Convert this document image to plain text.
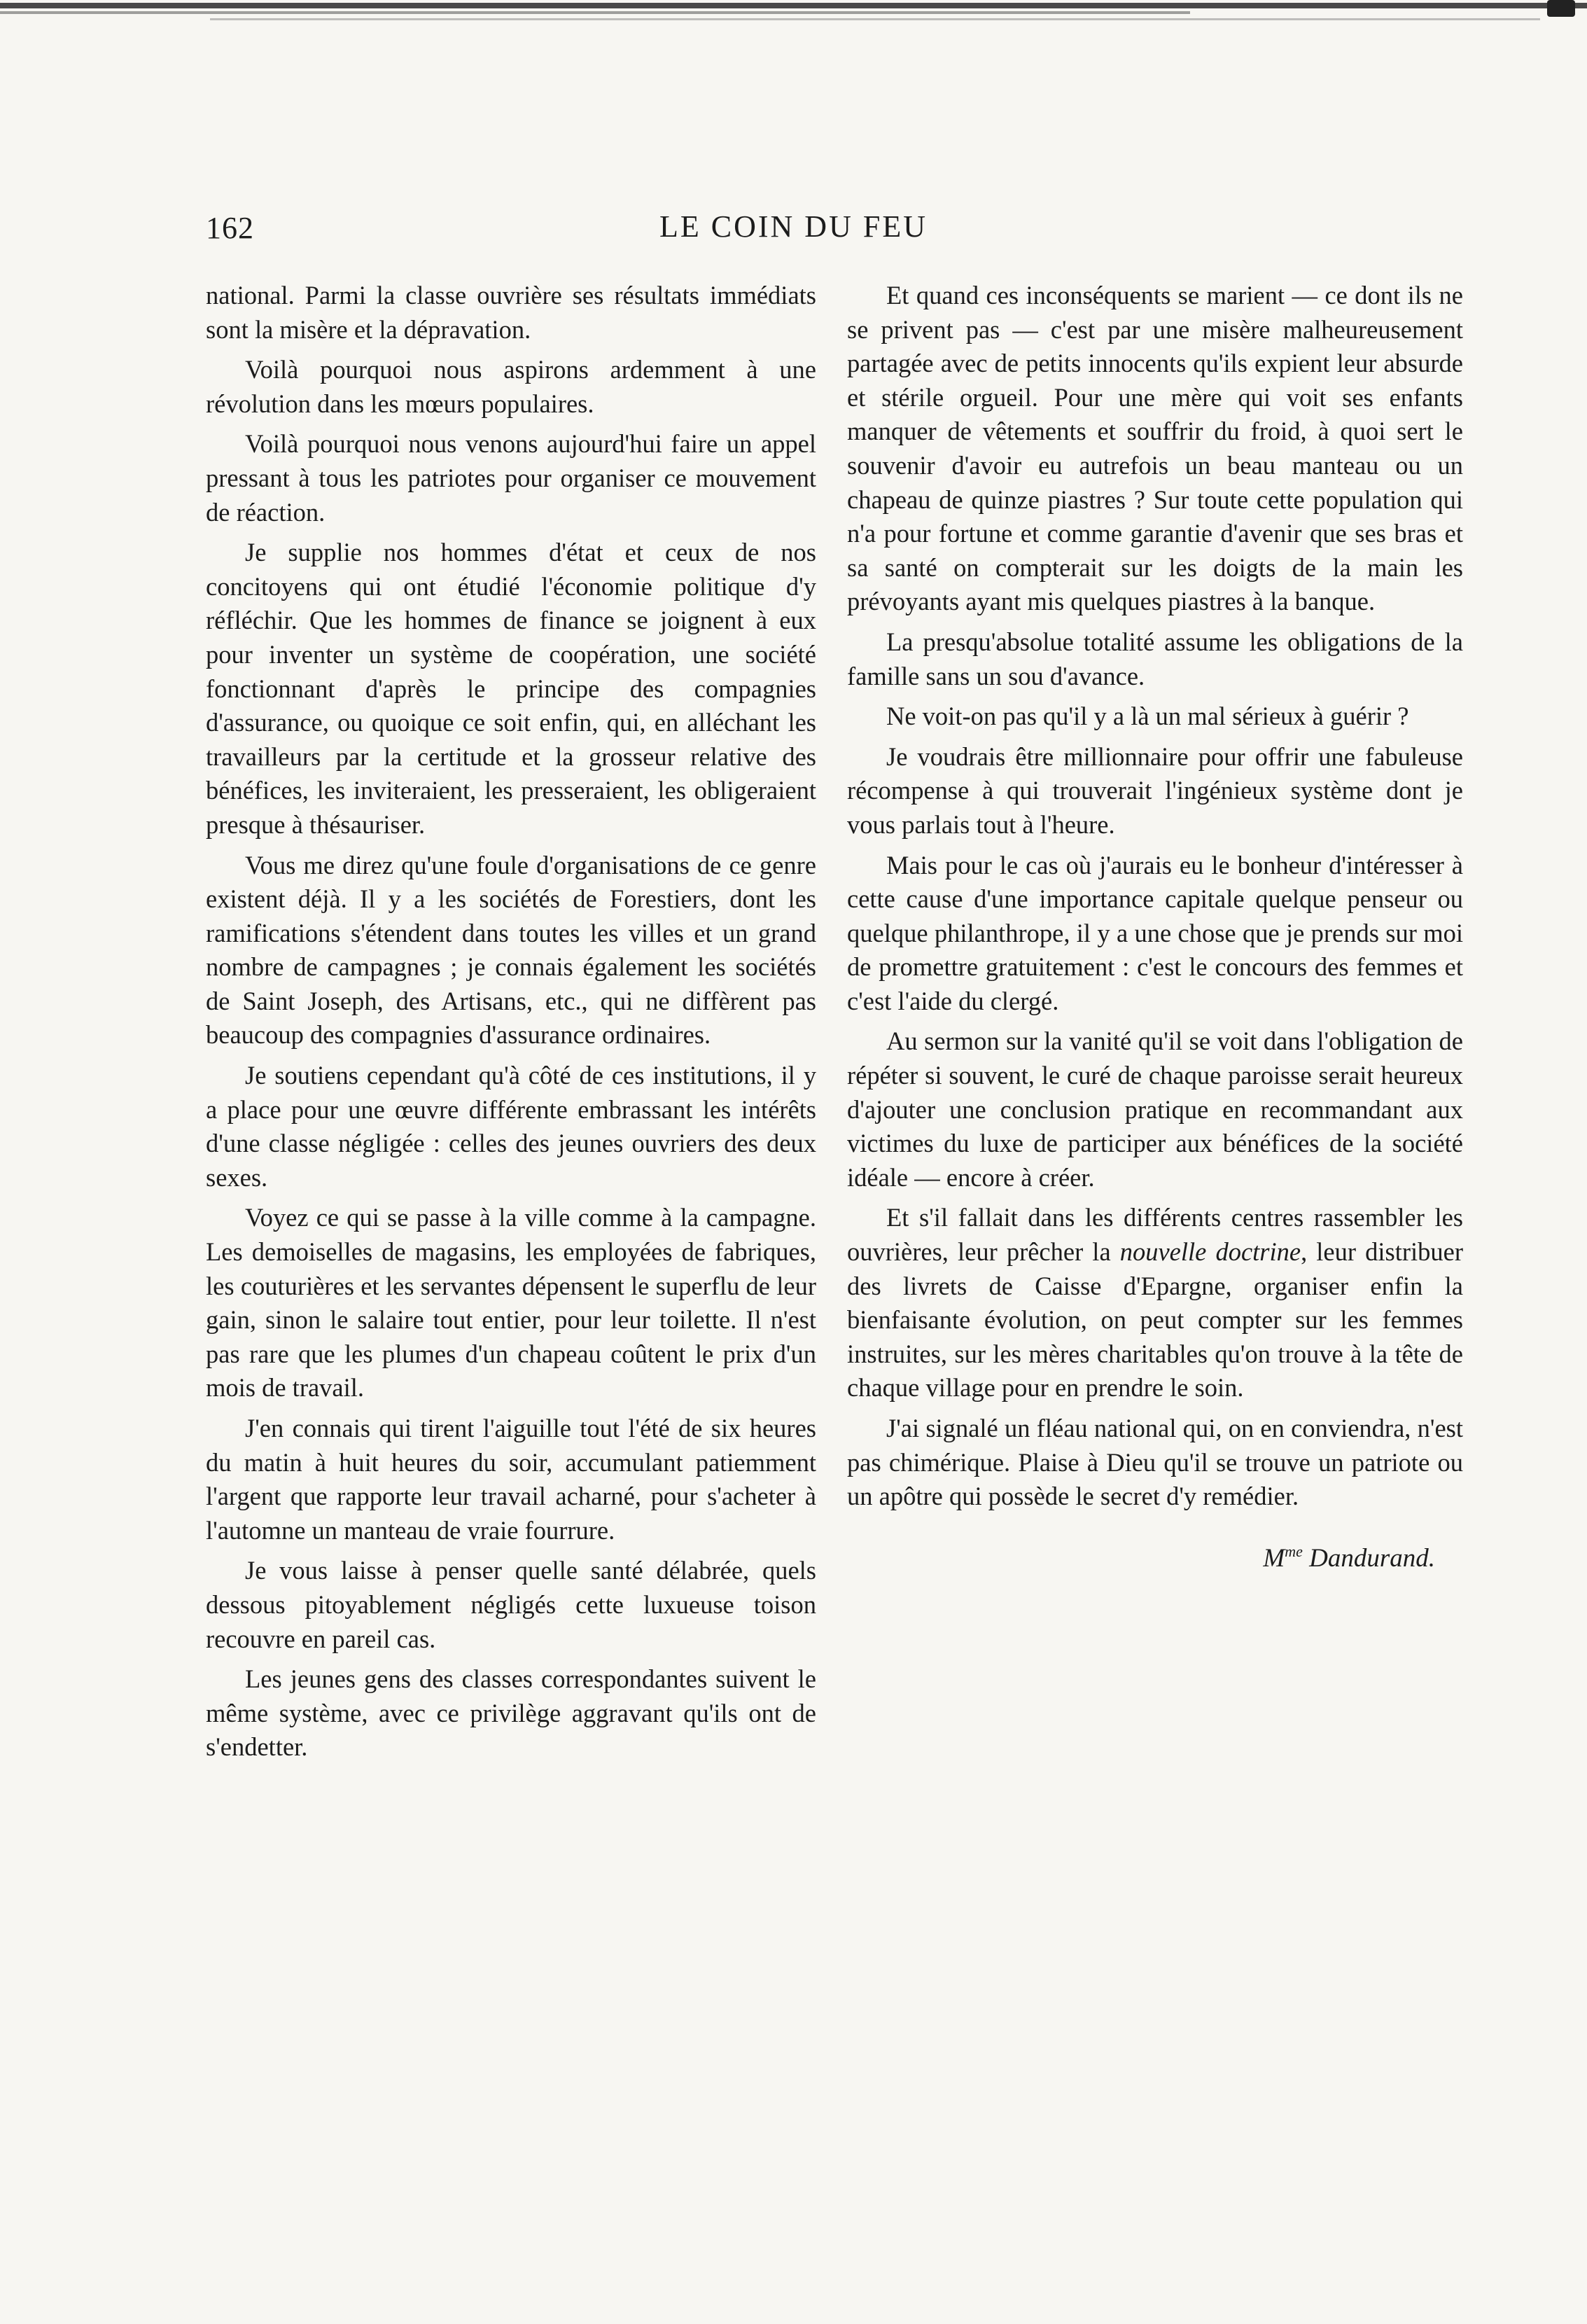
162	LE COIN DU FEU

national. Parmi la classe ouvrière ses résultats immédiats sont la misère et la dépravation.

Voilà pourquoi nous aspirons ardemment à une révolution dans les mœurs populaires.

Voilà pourquoi nous venons aujourd'hui faire un appel pressant à tous les patriotes pour organiser ce mouvement de réaction.

Je supplie nos hommes d'état et ceux de nos concitoyens qui ont étudié l'économie politique d'y réfléchir. Que les hommes de finance se joignent à eux pour inventer un système de coopération, une société fonctionnant d'après le principe des compagnies d'assurance, ou quoique ce soit enfin, qui, en alléchant les travailleurs par la certitude et la grosseur relative des bénéfices, les inviteraient, les presseraient, les obligeraient presque à thésauriser.

Vous me direz qu'une foule d'organisations de ce genre existent déjà. Il y a les sociétés de Forestiers, dont les ramifications s'étendent dans toutes les villes et un grand nombre de campagnes ; je connais également les sociétés de Saint Joseph, des Artisans, etc., qui ne diffèrent pas beaucoup des compagnies d'assurance ordinaires.

Je soutiens cependant qu'à côté de ces institutions, il y a place pour une œuvre différente embrassant les intérêts d'une classe négligée : celles des jeunes ouvriers des deux sexes.

Voyez ce qui se passe à la ville comme à la campagne. Les demoiselles de magasins, les employées de fabriques, les couturières et les servantes dépensent le superflu de leur gain, sinon le salaire tout entier, pour leur toilette. Il n'est pas rare que les plumes d'un chapeau coûtent le prix d'un mois de travail.

J'en connais qui tirent l'aiguille tout l'été de six heures du matin à huit heures du soir, accumulant patiemment l'argent que rapporte leur travail acharné, pour s'acheter à l'automne un manteau de vraie fourrure.

Je vous laisse à penser quelle santé délabrée, quels dessous pitoyablement négligés cette luxueuse toison recouvre en pareil cas.

Les jeunes gens des classes correspondantes suivent le même système, avec ce privilège aggravant qu'ils ont de s'endetter.

Et quand ces inconséquents se marient — ce dont ils ne se privent pas — c'est par une misère malheureusement partagée avec de petits innocents qu'ils expient leur absurde et stérile orgueil. Pour une mère qui voit ses enfants manquer de vêtements et souffrir du froid, à quoi sert le souvenir d'avoir eu autrefois un beau manteau ou un chapeau de quinze piastres ? Sur toute cette population qui n'a pour fortune et comme garantie d'avenir que ses bras et sa santé on compterait sur les doigts de la main les prévoyants ayant mis quelques piastres à la banque.

La presqu'absolue totalité assume les obligations de la famille sans un sou d'avance.

Ne voit-on pas qu'il y a là un mal sérieux à guérir ?

Je voudrais être millionnaire pour offrir une fabuleuse récompense à qui trouverait l'ingénieux système dont je vous parlais tout à l'heure.

Mais pour le cas où j'aurais eu le bonheur d'intéresser à cette cause d'une importance capitale quelque penseur ou quelque philanthrope, il y a une chose que je prends sur moi de promettre gratuitement : c'est le concours des femmes et c'est l'aide du clergé.

Au sermon sur la vanité qu'il se voit dans l'obligation de répéter si souvent, le curé de chaque paroisse serait heureux d'ajouter une conclusion pratique en recommandant aux victimes du luxe de participer aux bénéfices de la société idéale — encore à créer.

Et s'il fallait dans les différents centres rassembler les ouvrières, leur prêcher la nouvelle doctrine, leur distribuer des livrets de Caisse d'Epargne, organiser enfin la bienfaisante évolution, on peut compter sur les femmes instruites, sur les mères charitables qu'on trouve à la tête de chaque village pour en prendre le soin.

J'ai signalé un fléau national qui, on en conviendra, n'est pas chimérique. Plaise à Dieu qu'il se trouve un patriote ou un apôtre qui possède le secret d'y remédier.

$M^{me}$ Dandurand.
